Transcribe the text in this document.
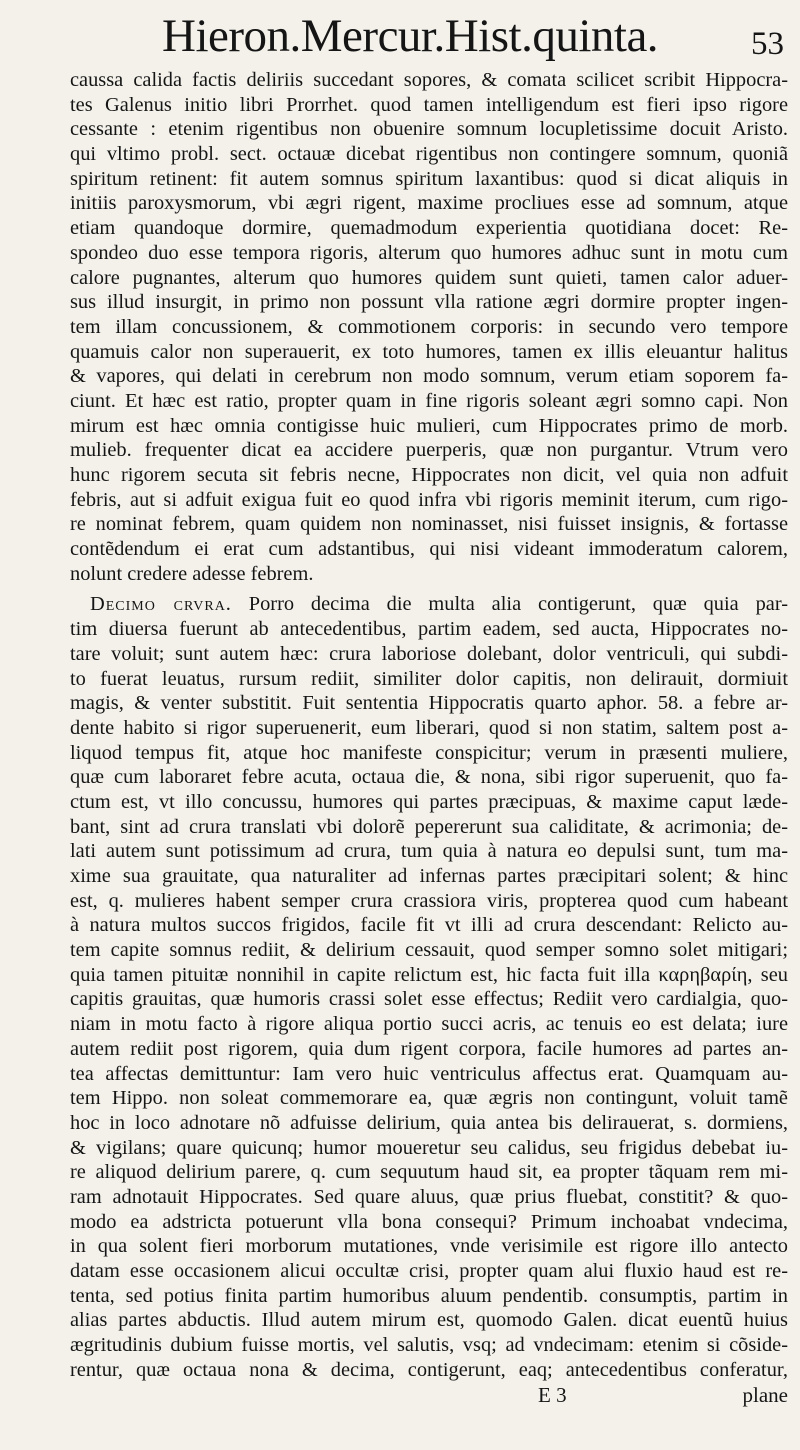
Hieron.Mercur.Hist.quinta.	53
caussa calida factis deliriis succedant sopores, & comata scilicet scribit Hippocra-
tes Galenus initio libri Prorrhet. quod tamen intelligendum est fieri ipso rigore
cessante : etenim rigentibus non obuenire somnum locupletissime docuit Aristo.
qui vltimo probl. sect. octauæ dicebat rigentibus non contingere somnum, quoniã
spiritum retinent: fit autem somnus spiritum laxantibus: quod si dicat aliquis in
initiis paroxysmorum, vbi ægri rigent, maxime procliues esse ad somnum, atque
etiam quandoque dormire, quemadmodum experientia quotidiana docet: Re-
spondeo duo esse tempora rigoris, alterum quo humores adhuc sunt in motu cum
calore pugnantes, alterum quo humores quidem sunt quieti, tamen calor aduer-
sus illud insurgit, in primo non possunt vlla ratione ægri dormire propter ingen-
tem illam concussionem, & commotionem corporis: in secundo vero tempore
quamuis calor non superauerit, ex toto humores, tamen ex illis eleuantur halitus
& vapores, qui delati in cerebrum non modo somnum, verum etiam soporem fa-
ciunt. Et hæc est ratio, propter quam in fine rigoris soleant ægri somno capi. Non
mirum est hæc omnia contigisse huic mulieri, cum Hippocrates primo de morb.
mulieb. frequenter dicat ea accidere puerperis, quæ non purgantur. Vtrum vero
hunc rigorem secuta sit febris necne, Hippocrates non dicit, vel quia non adfuit
febris, aut si adfuit exigua fuit eo quod infra vbi rigoris meminit iterum, cum rigo-
re nominat febrem, quam quidem non nominasset, nisi fuisset insignis, & fortasse
contẽdendum ei erat cum adstantibus, qui nisi videant immoderatum calorem,
nolunt credere adesse febrem.
Decimo crvra. Porro decima die multa alia contigerunt, quæ quia par-
tim diuersa fuerunt ab antecedentibus, partim eadem, sed aucta, Hippocrates no-
tare voluit; sunt autem hæc: crura laboriose dolebant, dolor ventriculi, qui subdi-
to fuerat leuatus, rursum rediit, similiter dolor capitis, non delirauit, dormiuit
magis, & venter substitit. Fuit sententia Hippocratis quarto aphor. 58. a febre ar-
dente habito si rigor superuenerit, eum liberari, quod si non statim, saltem post a-
liquod tempus fit, atque hoc manifeste conspicitur; verum in præsenti muliere,
quæ cum laboraret febre acuta, octaua die, & nona, sibi rigor superuenit, quo fa-
ctum est, vt illo concussu, humores qui partes præcipuas, & maxime caput læde-
bant, sint ad crura translati vbi dolorẽ pepererunt sua caliditate, & acrimonia; de-
lati autem sunt potissimum ad crura, tum quia à natura eo depulsi sunt, tum ma-
xime sua grauitate, qua naturaliter ad infernas partes præcipitari solent; & hinc
est, q. mulieres habent semper crura crassiora viris, propterea quod cum habeant
à natura multos succos frigidos, facile fit vt illi ad crura descendant: Relicto au-
tem capite somnus rediit, & delirium cessauit, quod semper somno solet mitigari;
quia tamen pituitæ nonnihil in capite relictum est, hic facta fuit illa καρηβαρίη, seu
capitis grauitas, quæ humoris crassi solet esse effectus; Rediit vero cardialgia, quo-
niam in motu facto à rigore aliqua portio succi acris, ac tenuis eo est delata; iure
autem rediit post rigorem, quia dum rigent corpora, facile humores ad partes an-
tea affectas demittuntur: Iam vero huic ventriculus affectus erat. Quamquam au-
tem Hippo. non soleat commemorare ea, quæ ægris non contingunt, voluit tamẽ
hoc in loco adnotare nõ adfuisse delirium, quia antea bis delirauerat, s. dormiens,
& vigilans; quare quicunq; humor moueretur seu calidus, seu frigidus debebat iu-
re aliquod delirium parere, q. cum sequutum haud sit, ea propter tãquam rem mi-
ram adnotauit Hippocrates. Sed quare aluus, quæ prius fluebat, constitit? & quo-
modo ea adstricta potuerunt vlla bona consequi? Primum inchoabat vndecima,
in qua solent fieri morborum mutationes, vnde verisimile est rigore illo antecto
datam esse occasionem alicui occultæ crisi, propter quam alui fluxio haud est re-
tenta, sed potius finita partim humoribus aluum pendentib. consumptis, partim in
alias partes abductis. Illud autem mirum est, quomodo Galen. dicat euentũ huius
ægritudinis dubium fuisse mortis, vel salutis, vsq; ad vndecimam: etenim si cõside-
rentur, quæ octaua nona & decima, contigerunt, eaq; antecedentibus conferatur,
E 3	plane
